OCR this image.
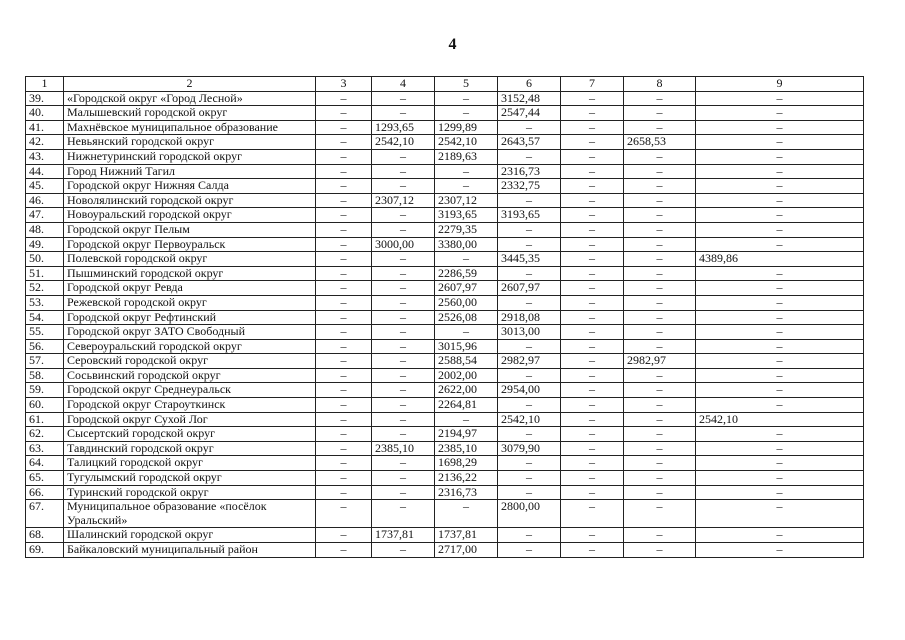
4
1	2	3	4	5	6	7	8	9
39.	«Городской округ «Город Лесной»	–	–	–	3152,48	–	–	–
40.	Малышевский городской округ	–	–	–	2547,44	–	–	–
41.	Махнёвское муниципальное образование	–	1293,65	1299,89	–	–	–	–
42.	Невьянский городской округ	–	2542,10	2542,10	2643,57	–	2658,53	–
43.	Нижнетуринский городской округ	–	–	2189,63	–	–	–	–
44.	Город Нижний Тагил	–	–	–	2316,73	–	–	–
45.	Городской округ Нижняя Салда	–	–	–	2332,75	–	–	–
46.	Новолялинский городской округ	–	2307,12	2307,12	–	–	–	–
47.	Новоуральский городской округ	–	–	3193,65	3193,65	–	–	–
48.	Городской округ Пелым	–	–	2279,35	–	–	–	–
49.	Городской округ Первоуральск	–	3000,00	3380,00	–	–	–	–
50.	Полевской городской округ	–	–	–	3445,35	–	–	4389,86
51.	Пышминский городской округ	–	–	2286,59	–	–	–	–
52.	Городской округ Ревда	–	–	2607,97	2607,97	–	–	–
53.	Режевской городской округ	–	–	2560,00	–	–	–	–
54.	Городской округ Рефтинский	–	–	2526,08	2918,08	–	–	–
55.	Городской округ ЗАТО Свободный	–	–	–	3013,00	–	–	–
56.	Североуральский городской округ	–	–	3015,96	–	–	–	–
57.	Серовский городской округ	–	–	2588,54	2982,97	–	2982,97	–
58.	Сосьвинский городской округ	–	–	2002,00	–	–	–	–
59.	Городской округ Среднеуральск	–	–	2622,00	2954,00	–	–	–
60.	Городской округ Староуткинск	–	–	2264,81	–	–	–	–
61.	Городской округ Сухой Лог	–	–	–	2542,10	–	–	2542,10
62.	Сысертский городской округ	–	–	2194,97	–	–	–	–
63.	Тавдинский городской округ	–	2385,10	2385,10	3079,90	–	–	–
64.	Талицкий городской округ	–	–	1698,29	–	–	–	–
65.	Тугулымский городской округ	–	–	2136,22	–	–	–	–
66.	Туринский городской округ	–	–	2316,73	–	–	–	–
67.	Муниципальное образование «посёлок Уральский»	–	–	–	2800,00	–	–	–
68.	Шалинский городской округ	–	1737,81	1737,81	–	–	–	–
69.	Байкаловский муниципальный район	–	–	2717,00	–	–	–	–
